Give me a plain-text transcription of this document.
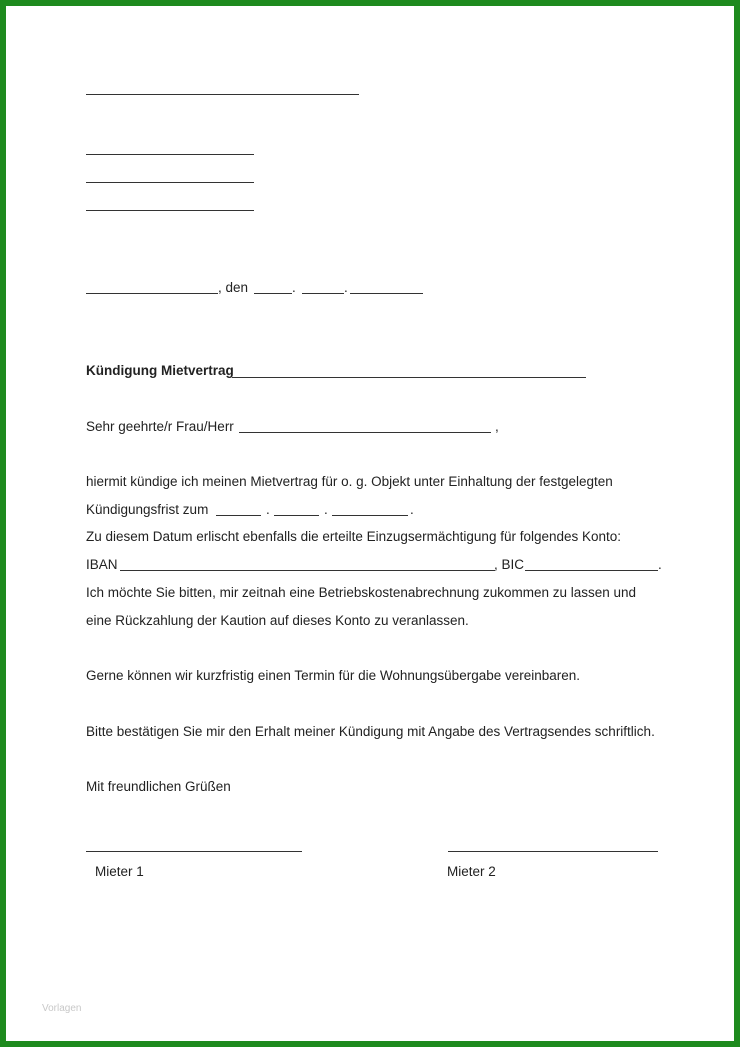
, den	.	.
Kündigung Mietvertrag
Sehr geehrte/r Frau/Herr	,
hiermit kündige ich meinen Mietvertrag für o. g. Objekt unter Einhaltung der festgelegten
Kündigungsfrist zum	.	.	.
Zu diesem Datum erlischt ebenfalls die erteilte Einzugsermächtigung für folgendes Konto:
IBAN	, BIC	.
Ich möchte Sie bitten, mir zeitnah eine Betriebskostenabrechnung zukommen zu lassen und
eine Rückzahlung der Kaution auf dieses Konto zu veranlassen.
Gerne können wir kurzfristig einen Termin für die Wohnungsübergabe vereinbaren.
Bitte bestätigen Sie mir den Erhalt meiner Kündigung mit Angabe des Vertragsendes schriftlich.
Mit freundlichen Grüßen
Mieter 1	Mieter 2
Vorlagen
